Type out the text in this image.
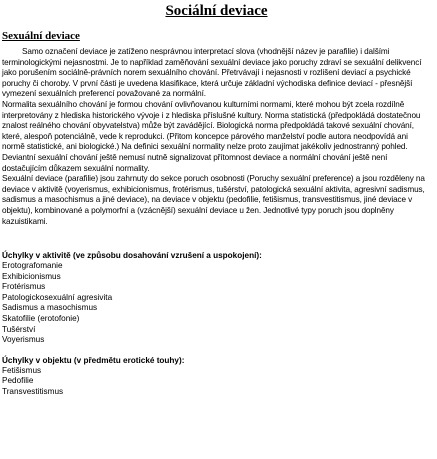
Sociální deviace
Sexuální deviace

Samo označení deviace je zatíženo nesprávnou interpretací slova (vhodnější název je parafilie) i dalšími terminologickými nejasnostmi. Je to například zaměňování sexuální deviace jako poruchy zdraví se sexuální delikvencí jako porušením sociálně-právních norem sexuálního chování. Přetrvávají i nejasnosti v rozlišení deviací a psychické poruchy či choroby. V první části je uvedena klasifikace, která určuje základní východiska definice deviací - přesnější vymezení sexuálních preferencí považované za normální.

Normalita sexuálního chování je formou chování ovlivňovanou kulturními normami, které mohou být zcela rozdílně interpretovány z hlediska historického vývoje i z hlediska příslušné kultury. Norma statistická (předpokládá dostatečnou znalost reálného chování obyvatelstva) může být zavádějící. Biologická norma předpokládá takové sexuální chování, které, alespoň potenciálně, vede k reprodukci. (Přitom koncepce párového manželství podle autora neodpovídá ani normě statistické, ani biologické.) Na definici sexuální normality nelze proto zaujímat jakékoliv jednostranný pohled.

Deviantní sexuální chování ještě nemusí nutně signalizovat přítomnost deviace a normální chování ještě není dostačujícím důkazem sexuální normality.

Sexuální deviace (parafilie) jsou zahrnuty do sekce poruch osobnosti (Poruchy sexuální preference) a jsou rozděleny na deviace v aktivitě (voyerismus, exhibicionismus, frotérismus, tušérství, patologická sexuální aktivita, agresivní sadismus, sadismus a masochismus a jiné deviace), na deviace v objektu (pedofilie, fetišismus, transvestitismus, jiné deviace v objektu), kombinované a polymorfní a (vzácnější) sexuální deviace u žen. Jednotlivé typy poruch jsou doplněny kazuistikami.

Úchylky v aktivitě (ve způsobu dosahování vzrušení a uspokojení):

Erotografomanie
Exhibicionismus
Frotérismus
Patologickosexuální agresivita
Sadismus a masochismus
Skatofilie (erotofonie)
Tušérství
Voyerismus

Úchylky v objektu (v předmětu erotické touhy):

Fetišismus
Pedofilie
Transvestitismus
